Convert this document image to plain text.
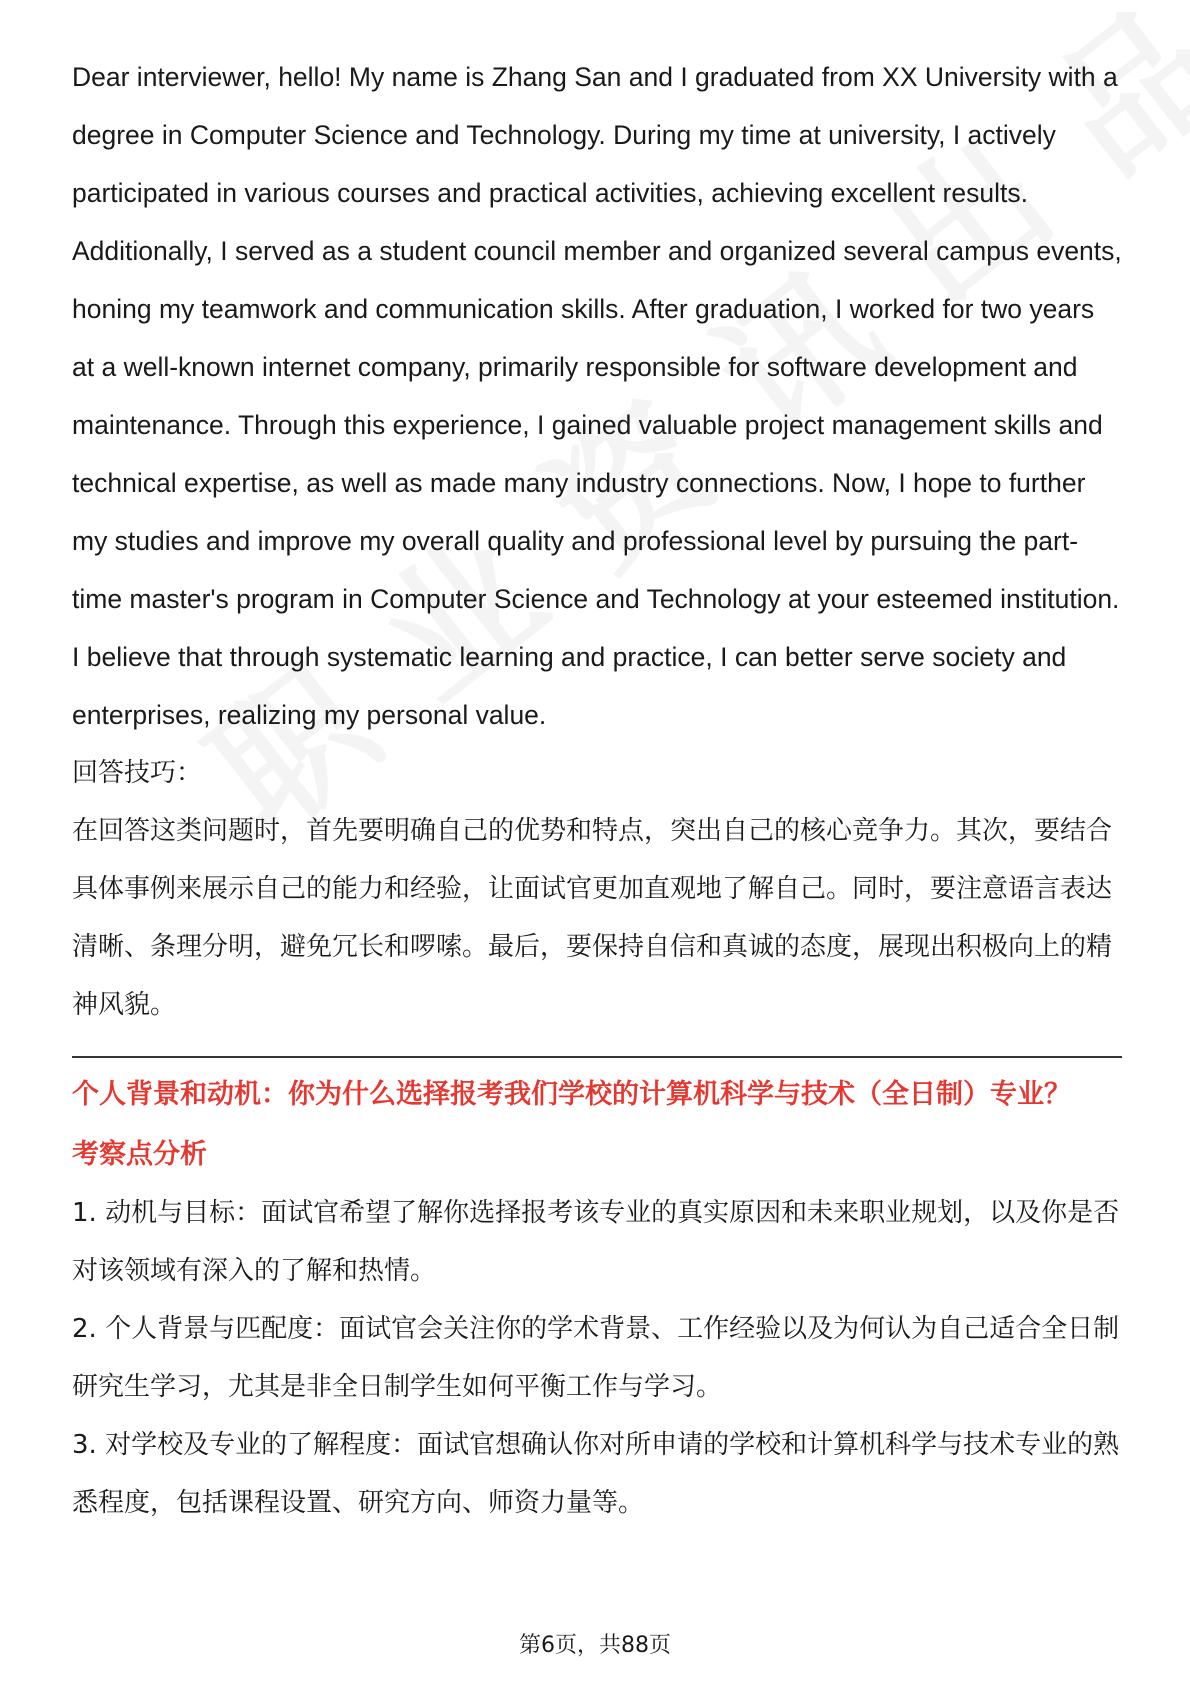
Dear interviewer, hello! My name is Zhang San and I graduated from XX University with a degree in Computer Science and Technology. During my time at university, I actively participated in various courses and practical activities, achieving excellent results. Additionally, I served as a student council member and organized several campus events, honing my teamwork and communication skills. After graduation, I worked for two years at a well-known internet company, primarily responsible for software development and maintenance. Through this experience, I gained valuable project management skills and technical expertise, as well as made many industry connections. Now, I hope to further my studies and improve my overall quality and professional level by pursuing the part-time master's program in Computer Science and Technology at your esteemed institution. I believe that through systematic learning and practice, I can better serve society and enterprises, realizing my personal value.

回答技巧：

在回答这类问题时，首先要明确自己的优势和特点，突出自己的核心竞争力。其次，要结合具体事例来展示自己的能力和经验，让面试官更加直观地了解自己。同时，要注意语言表达清晰、条理分明，避免冗长和啰嗦。最后，要保持自信和真诚的态度，展现出积极向上的精神风貌。

个人背景和动机：你为什么选择报考我们学校的计算机科学与技术（全日制）专业？

考察点分析

1. 动机与目标：面试官希望了解你选择报考该专业的真实原因和未来职业规划，以及你是否对该领域有深入的了解和热情。

2. 个人背景与匹配度：面试官会关注你的学术背景、工作经验以及为何认为自己适合全日制研究生学习，尤其是非全日制学生如何平衡工作与学习。

3. 对学校及专业的了解程度：面试官想确认你对所申请的学校和计算机科学与技术专业的熟悉程度，包括课程设置、研究方向、师资力量等。

第6页，共88页
